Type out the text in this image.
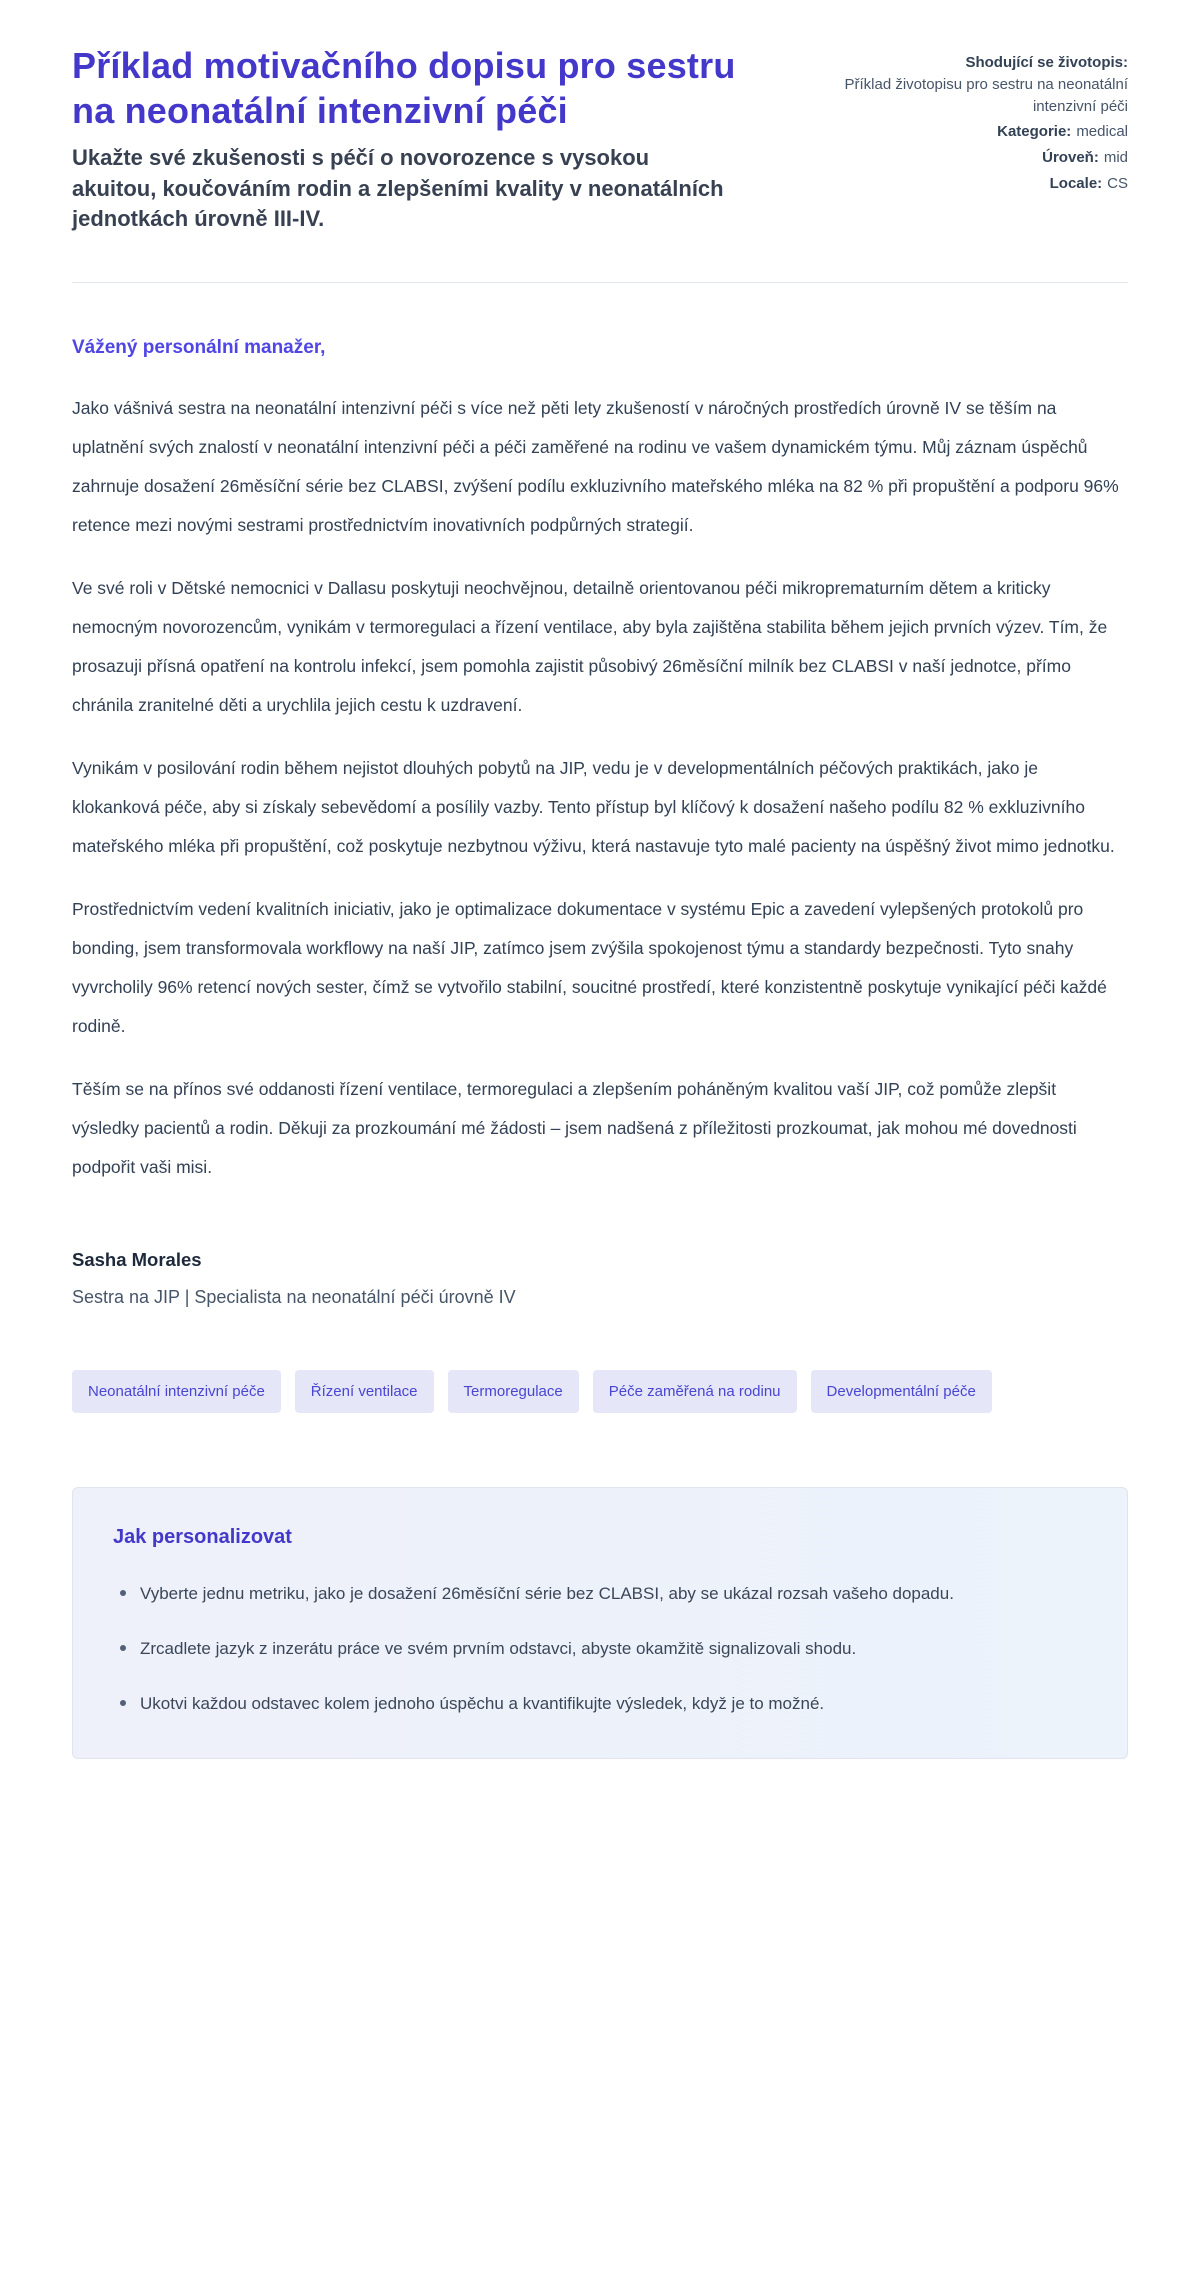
Příklad motivačního dopisu pro sestru na neonatální intenzivní péči

Ukažte své zkušenosti s péčí o novorozence s vysokou akuitou, koučováním rodin a zlepšeními kvality v neonatálních jednotkách úrovně III-IV.

Shodující se životopis:
Příklad životopisu pro sestru na neonatální intenzivní péči
Kategorie: medical
Úroveň: mid
Locale: CS

Vážený personální manažer,

Jako vášnivá sestra na neonatální intenzivní péči s více než pěti lety zkušeností v náročných prostředích úrovně IV se těším na uplatnění svých znalostí v neonatální intenzivní péči a péči zaměřené na rodinu ve vašem dynamickém týmu. Můj záznam úspěchů zahrnuje dosažení 26měsíční série bez CLABSI, zvýšení podílu exkluzivního mateřského mléka na 82 % při propuštění a podporu 96% retence mezi novými sestrami prostřednictvím inovativních podpůrných strategií.

Ve své roli v Dětské nemocnici v Dallasu poskytuji neochvějnou, detailně orientovanou péči mikroprematurním dětem a kriticky nemocným novorozencům, vynikám v termoregulaci a řízení ventilace, aby byla zajištěna stabilita během jejich prvních výzev. Tím, že prosazuji přísná opatření na kontrolu infekcí, jsem pomohla zajistit působivý 26měsíční milník bez CLABSI v naší jednotce, přímo chránila zranitelné děti a urychlila jejich cestu k uzdravení.

Vynikám v posilování rodin během nejistot dlouhých pobytů na JIP, vedu je v developmentálních péčových praktikách, jako je klokanková péče, aby si získaly sebevědomí a posílily vazby. Tento přístup byl klíčový k dosažení našeho podílu 82 % exkluzivního mateřského mléka při propuštění, což poskytuje nezbytnou výživu, která nastavuje tyto malé pacienty na úspěšný život mimo jednotku.

Prostřednictvím vedení kvalitních iniciativ, jako je optimalizace dokumentace v systému Epic a zavedení vylepšených protokolů pro bonding, jsem transformovala workflowy na naší JIP, zatímco jsem zvýšila spokojenost týmu a standardy bezpečnosti. Tyto snahy vyvrcholily 96% retencí nových sester, čímž se vytvořilo stabilní, soucitné prostředí, které konzistentně poskytuje vynikající péči každé rodině.

Těším se na přínos své oddanosti řízení ventilace, termoregulaci a zlepšením poháněným kvalitou vaší JIP, což pomůže zlepšit výsledky pacientů a rodin. Děkuji za prozkoumání mé žádosti – jsem nadšená z příležitosti prozkoumat, jak mohou mé dovednosti podpořit vaši misi.

Sasha Morales

Sestra na JIP | Specialista na neonatální péči úrovně IV

Neonatální intenzivní péče	Řízení ventilace	Termoregulace	Péče zaměřená na rodinu	Developmentální péče
Jak personalizovat
Vyberte jednu metriku, jako je dosažení 26měsíční série bez CLABSI, aby se ukázal rozsah vašeho dopadu.
Zrcadlete jazyk z inzerátu práce ve svém prvním odstavci, abyste okamžitě signalizovali shodu.
Ukotvi každou odstavec kolem jednoho úspěchu a kvantifikujte výsledek, když je to možné.
